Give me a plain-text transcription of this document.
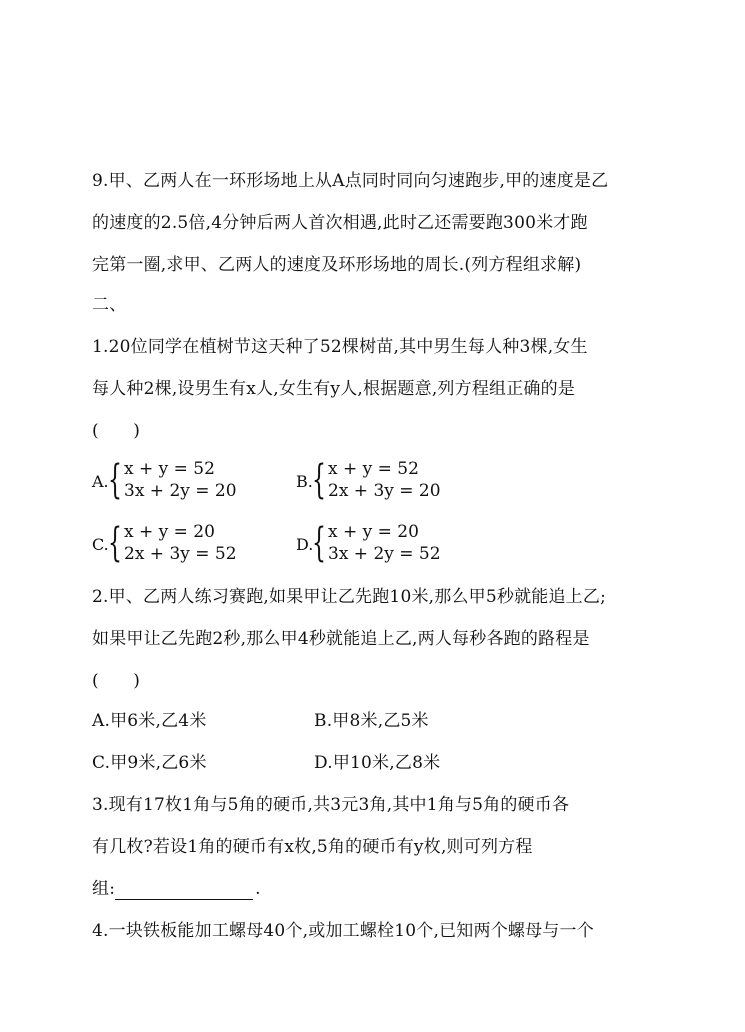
9.甲、乙两人在一环形场地上从A点同时同向匀速跑步,甲的速度是乙
的速度的2.5倍,4分钟后两人首次相遇,此时乙还需要跑300米才跑
完第一圈,求甲、乙两人的速度及环形场地的周长.(列方程组求解)
二、
1.20位同学在植树节这天种了52棵树苗,其中男生每人种3棵,女生
每人种2棵,设男生有x人,女生有y人,根据题意,列方程组正确的是
(　　)
A. { x + y = 52
3x + 2y = 20	B. { x + y = 52
2x + 3y = 20
C. { x + y = 20
2x + 3y = 52	D.
{ x + y = 20
3x + 2y = 52
2.甲、乙两人练习赛跑,如果甲让乙先跑10米,那么甲5秒就能追上乙;
如果甲让乙先跑2秒,那么甲4秒就能追上乙,两人每秒各跑的路程是
(　　)
A.甲6米,乙4米	B.甲8米,乙5米
C.甲9米,乙6米	D.甲10米,乙8米
3.现有17枚1角与5角的硬币,共3元3角,其中1角与5角的硬币各
有几枚?若设1角的硬币有x枚,5角的硬币有y枚,则可列方程
组:	.
4.一块铁板能加工螺母40个,或加工螺栓10个,已知两个螺母与一个
